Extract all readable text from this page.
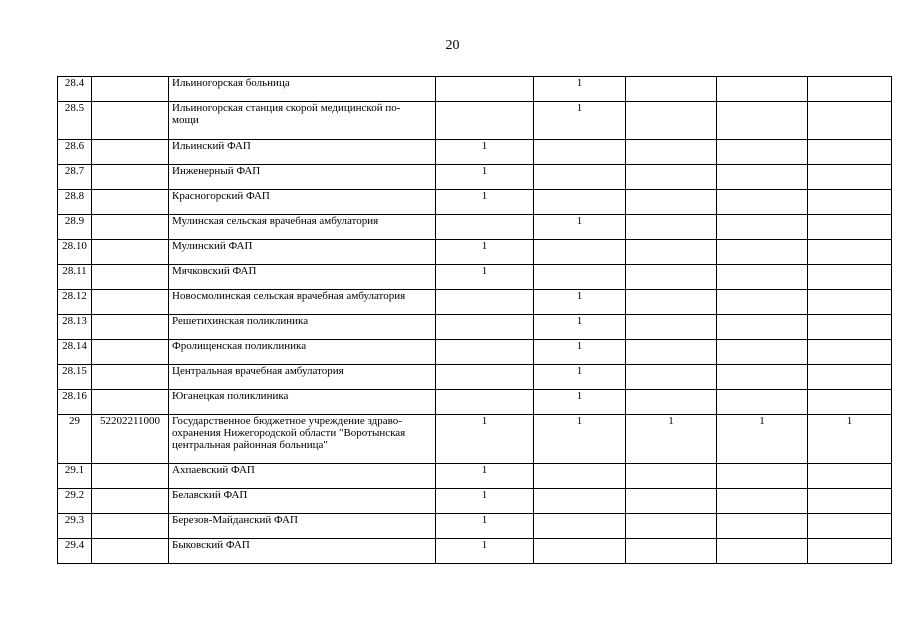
20
28.4		Ильиногорская больница		1			
28.5		Ильиногорская станция скорой медицинской по-
мощи		1			
28.6		Ильинский ФАП	1				
28.7		Инженерный ФАП	1				
28.8		Красногорский ФАП	1				
28.9		Мулинская сельская врачебная амбулатория		1			
28.10		Мулинский ФАП	1				
28.11		Мячковский ФАП	1				
28.12		Новосмолинская сельская врачебная амбулатория		1			
28.13		Решетихинская поликлиника		1			
28.14		Фролищенская поликлиника		1			
28.15		Центральная врачебная амбулатория		1			
28.16		Юганецкая поликлиника		1			
29	52202211000	Государственное бюджетное учреждение здраво-
охранения Нижегородской области "Воротынская
центральная районная больница"	1	1	1	1	1
29.1		Ахпаевский ФАП	1				
29.2		Белавский ФАП	1				
29.3		Березов-Майданский ФАП	1				
29.4		Быковский ФАП	1				
